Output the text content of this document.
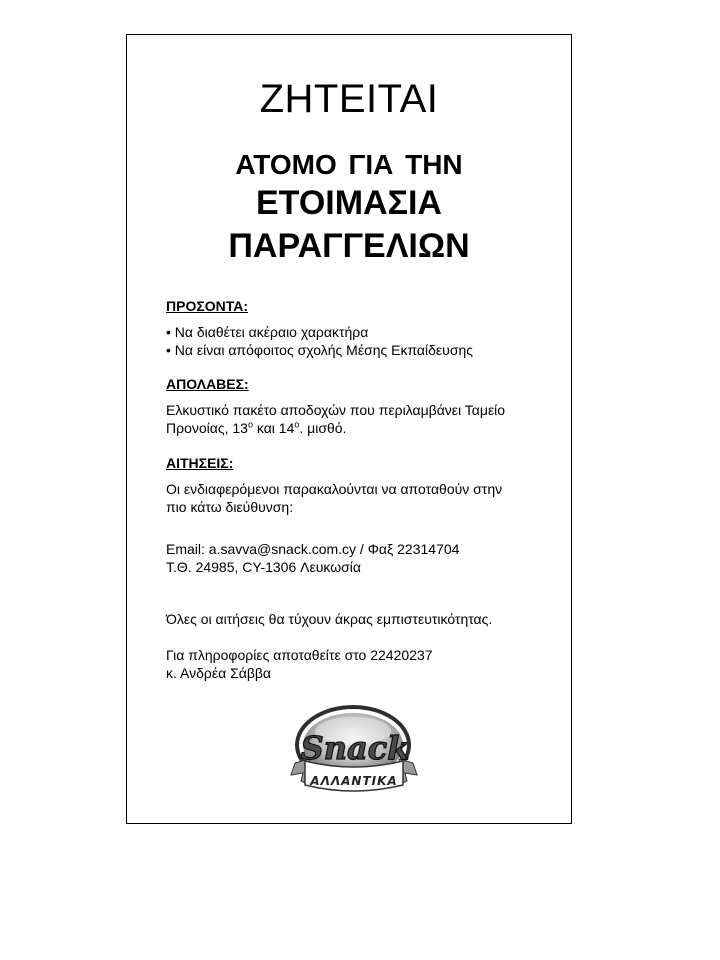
ΖΗΤΕΙΤΑΙ
ΑΤΟΜΟ ΓΙΑ ΤΗΝ
ΕΤΟΙΜΑΣΙΑ
ΠΑΡΑΓΓΕΛΙΩΝ
ΠΡΟΣΟΝΤΑ:
• Να διαθέτει ακέραιο χαρακτήρα
• Να είναι απόφοιτος σχολής Μέσης Εκπαίδευσης
ΑΠΟΛΑΒΕΣ:
Ελκυστικό πακέτο αποδοχών που περιλαμβάνει Ταμείο
Προνοίας, $13^o$ και $14^o$. μισθό.
ΑΙΤΗΣΕΙΣ:
Οι ενδιαφερόμενοι παρακαλούνται να αποταθούν στην
πιο κάτω διεύθυνση:
Email: a.savva@snack.com.cy / Φαξ 22314704
Τ.Θ. 24985, CY-1306 Λευκωσία
Όλες οι αιτήσεις θα τύχουν άκρας εμπιστευτικότητας.
Για πληροφορίες αποταθείτε στο 22420237
κ. Ανδρέα Σάββα
Snack
ΑΛΛΑΝΤΙΚΑ
